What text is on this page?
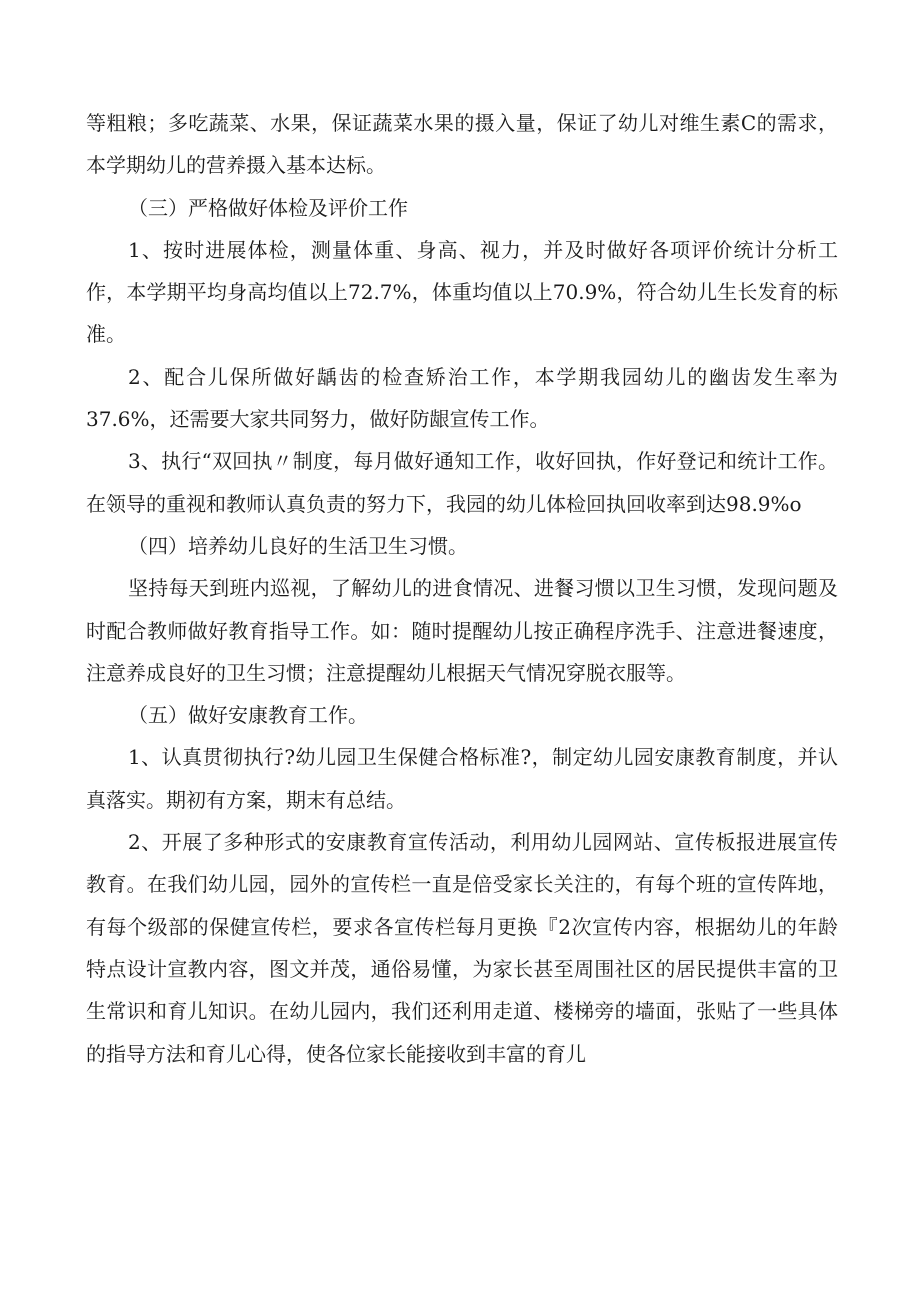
等粗粮；多吃蔬菜、水果，保证蔬菜水果的摄入量，保证了幼儿对维生素C的需求，本学期幼儿的营养摄入基本达标。

（三）严格做好体检及评价工作

1、按时进展体检，测量体重、身高、视力，并及时做好各项评价统计分析工作，本学期平均身高均值以上72.7%，体重均值以上70.9%，符合幼儿生长发育的标准。

2、配合儿保所做好龋齿的检查矫治工作，本学期我园幼儿的幽齿发生率为37.6%，还需要大家共同努力，做好防龈宣传工作。

3、执行“双回执〃制度，每月做好通知工作，收好回执，作好登记和统计工作。在领导的重视和教师认真负责的努力下，我园的幼儿体检回执回收率到达98.9%o

（四）培养幼儿良好的生活卫生习惯。

坚持每天到班内巡视，了解幼儿的进食情况、进餐习惯以卫生习惯，发现问题及时配合教师做好教育指导工作。如：随时提醒幼儿按正确程序洗手、注意进餐速度，注意养成良好的卫生习惯；注意提醒幼儿根据天气情况穿脱衣服等。

（五）做好安康教育工作。

1、认真贯彻执行?幼儿园卫生保健合格标准?，制定幼儿园安康教育制度，并认真落实。期初有方案，期末有总结。

2、开展了多种形式的安康教育宣传活动，利用幼儿园网站、宣传板报进展宣传教育。在我们幼儿园，园外的宣传栏一直是倍受家长关注的，有每个班的宣传阵地，有每个级部的保健宣传栏，要求各宣传栏每月更换『2次宣传内容，根据幼儿的年龄特点设计宣教内容，图文并茂，通俗易懂，为家长甚至周围社区的居民提供丰富的卫生常识和育儿知识。在幼儿园内，我们还利用走道、楼梯旁的墙面，张贴了一些具体的指导方法和育儿心得，使各位家长能接收到丰富的育儿
